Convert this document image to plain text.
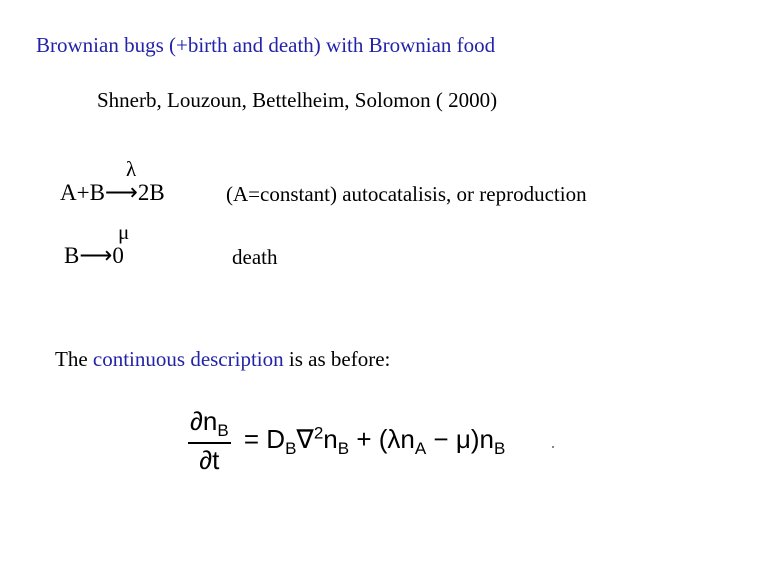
Brownian bugs (+birth and death) with Brownian food
Shnerb, Louzoun, Bettelheim, Solomon ( 2000)
A+B⟶2B
λ
(A=constant) autocatalisis, or reproduction
B⟶0
μ
death
The continuous description is as before:
$\frac{\partial n_B}{\partial t} = D_B\nabla^2n_B + (\lambda n_A - \mu)n_B$
